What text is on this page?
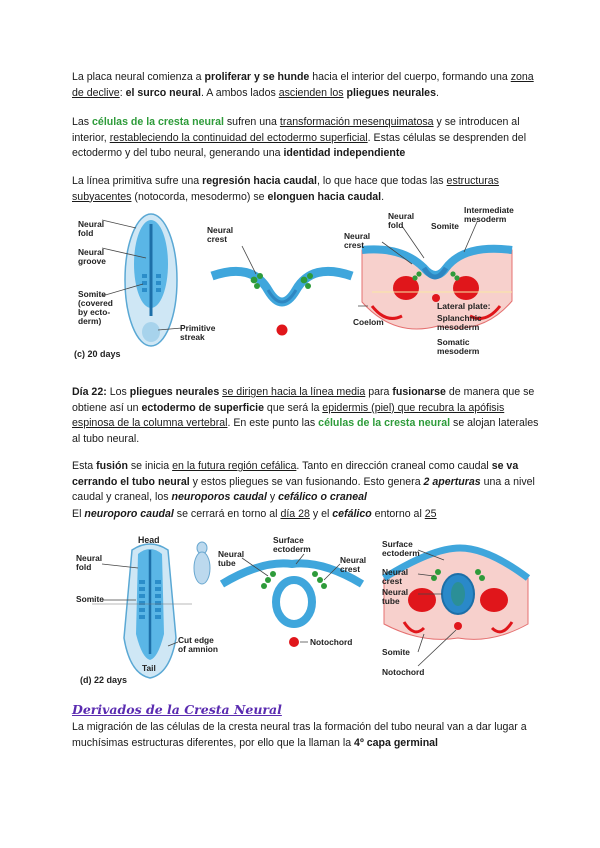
La placa neural comienza a proliferar y se hunde hacia el interior del cuerpo, formando una zona de declive: el surco neural. A ambos lados ascienden los pliegues neurales.

Las células de la cresta neural sufren una transformación mesenquimatosa y se introducen al interior, restableciendo la continuidad del ectodermo superficial. Estas células se desprenden del ectodermo y del tubo neural, generando una identidad independiente

La línea primitiva sufre una regresión hacia caudal, lo que hace que todas las estructuras subyacentes (notocorda, mesodermo) se elonguen hacia caudal.

Neural
fold
Neural
groove
Somite
(covered
by ecto-
derm)
Primitive
streak
(c) 20 days
Neural
crest
Neural
fold	Somite
Intermediate
mesoderm
Neural
crest
Coelom
Lateral plate:
Splanchnic
mesoderm
Somatic
mesoderm

Día 22: Los pliegues neurales se dirigen hacia la línea media para fusionarse de manera que se obtiene así un ectodermo de superficie que será la epidermis (piel) que recubra la apófisis espinosa de la columna vertebral. En este punto las células de la cresta neural se alojan laterales al tubo neural.

Esta fusión se inicia en la futura región cefálica. Tanto en dirección craneal como caudal se va cerrando el tubo neural y estos pliegues se van fusionando. Esto genera 2 aperturas una a nivel caudal y craneal, los neuroporos caudal y cefálico o craneal

El neuroporo caudal se cerrará en torno al día 28 y el cefálico entorno al 25

Head
Neural
fold
Somite
Cut edge
of amnion
Tail
(d) 22 days
Neural
tube
Surface
ectoderm
Neural
crest
Notochord
Surface
ectoderm
Neural
crest
Neural
tube
Somite
Notochord
Derivados de la Cresta Neural

La migración de las células de la cresta neural tras la formación del tubo neural van a dar lugar a muchísimas estructuras diferentes, por ello que la llaman la 4º capa germinal
